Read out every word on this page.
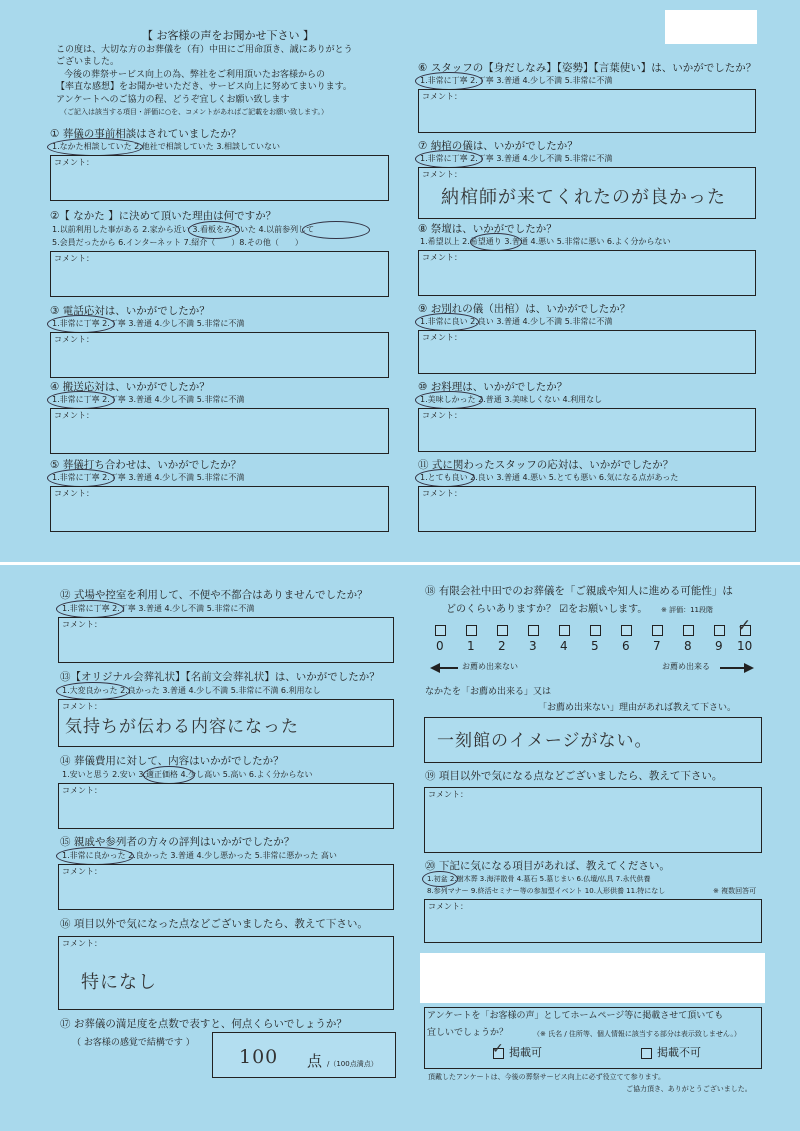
【 お客様の声をお聞かせ下さい 】
この度は、大切な方のお葬儀を（有）中田にご用命頂き、誠にありがとう
ございました。
今後の葬祭サービス向上の為、弊社をご利用頂いたお客様からの
【率直な感想】をお聞かせいただき、サービス向上に努めてまいります。
アンケートへのご協力の程、どうぞ宜しくお願い致します
（ご記入は該当する項目・評価に○を、コメントがあればご記載をお願い致します。）
① 葬儀の事前相談はされていましたか？
1.なかた相談していた 2.他社で相談していた 3.相談していない
コメント：
②【 なかた 】に決めて頂いた理由は何ですか？
1.以前利用した事がある 2.家から近い 3.看板をみていた 4.以前参列して
5.会員だったから 6.インターネット 7.紹介（　　）8.その他（　　）
コメント：
③ 電話応対は、いかがでしたか？
1.非常に丁寧 2.丁寧 3.普通 4.少し不満 5.非常に不満
コメント：
④ 搬送応対は、いかがでしたか？
1.非常に丁寧 2.丁寧 3.普通 4.少し不満 5.非常に不満
コメント：
⑤ 葬儀打ち合わせは、いかがでしたか？
1.非常に丁寧 2.丁寧 3.普通 4.少し不満 5.非常に不満
コメント：
⑥ スタッフの【身だしなみ】【姿勢】【言葉使い】は、いかがでしたか？
1.非常に丁寧 2.丁寧 3.普通 4.少し不満 5.非常に不満
コメント：
⑦ 納棺の儀は、いかがでしたか？
1.非常に丁寧 2.丁寧 3.普通 4.少し不満 5.非常に不満
コメント：
納棺師が来てくれたのが良かった
⑧ 祭壇は、いかがでしたか？
1.希望以上 2.希望通り 3.普通 4.悪い 5.非常に悪い 6.よく分からない
コメント：
⑨ お別れの儀（出棺）は、いかがでしたか？
1.非常に良い 2.良い 3.普通 4.少し不満 5.非常に不満
コメント：
⑩ お料理は、いかがでしたか？
1.美味しかった 2.普通 3.美味しくない 4.利用なし
コメント：
⑪ 式に関わったスタッフの応対は、いかがでしたか？
1.とても良い 2.良い 3.普通 4.悪い 5.とても悪い 6.気になる点があった
コメント：
⑫ 式場や控室を利用して、不便や不都合はありませんでしたか？
1.非常に丁寧 2.丁寧 3.普通 4.少し不満 5.非常に不満
コメント：
⑬【オリジナル会葬礼状】【名前文会葬礼状】は、いかがでしたか？
1.大変良かった 2.良かった 3.普通 4.少し不満 5.非常に不満 6.利用なし
コメント：
気持ちが伝わる内容になった
⑭ 葬儀費用に対して、内容はいかがでしたか？
1.安いと思う 2.安い 3.適正価格 4.少し高い 5.高い 6.よく分からない
コメント：
⑮ 親戚や参列者の方々の評判はいかがでしたか？
1.非常に良かった 2.良かった 3.普通 4.少し悪かった 5.非常に悪かった 高い
コメント：
⑯ 項目以外で気になった点などございましたら、教えて下さい。
コメント：
特になし
⑰ お葬儀の満足度を点数で表すと、何点くらいでしょうか？
（ お客様の感覚で結構です ）
100 点 /（100点満点）
⑱ 有限会社中田でのお葬儀を「ご親戚や知人に進める可能性」は
どのくらいありますか？ ☑をお願いします。 ※ 評価：11段階
✓
0 1 2 3 4 5 6 7 8 9 10
お薦め出来ない	お薦め出来る
なかたを「お薦め出来る」又は
「お薦め出来ない」理由があれば教えて下さい。
一刻館のイメージがない。
⑲ 項目以外で気になる点などございましたら、教えて下さい。
コメント：
⑳ 下記に気になる項目があれば、教えてください。
1.初盆 2.樹木葬 3.海洋散骨 4.墓石 5.墓じまい 6.仏壇/仏具 7.永代供養
8.参列マナー 9.終活セミナー等の参加型イベント 10.人形供養 11.特になし	※ 複数回答可
コメント：
アンケートを「お客様の声」としてホームページ等に掲載させて頂いても
宜しいでしょうか？	（※ 氏名 / 住所等、個人情報に該当する部分は表示致しません。）
✓ 掲載可	掲載不可
頂戴したアンケートは、今後の葬祭サービス向上に必ず役立てて参ります。
ご協力頂き、ありがとうございました。
